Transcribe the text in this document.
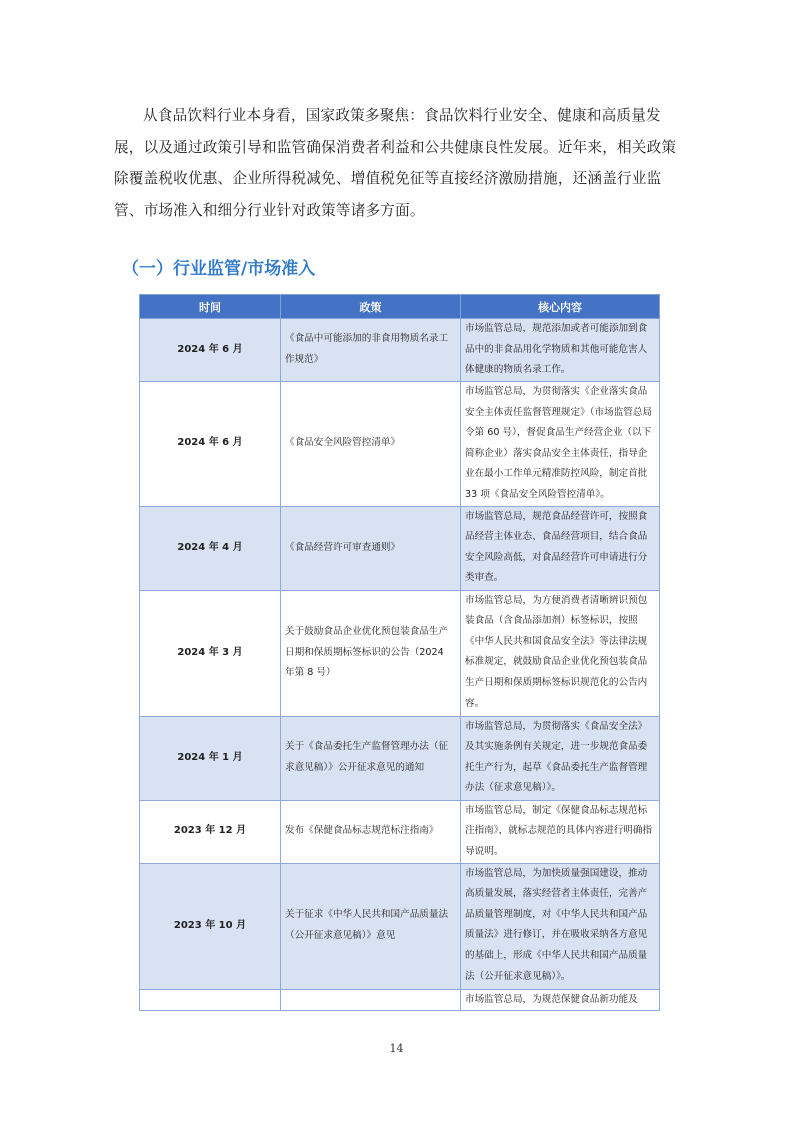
从食品饮料行业本身看，国家政策多聚焦：食品饮料行业安全、健康和高质量发展，以及通过政策引导和监管确保消费者利益和公共健康良性发展。近年来，相关政策除覆盖税收优惠、企业所得税减免、增值税免征等直接经济激励措施，还涵盖行业监管、市场准入和细分行业针对政策等诸多方面。

（一）行业监管/市场准入
时间	政策	核心内容
2024 年 6 月	《食品中可能添加的非食用物质名录工作规范》	市场监管总局，规范添加或者可能添加到食品中的非食品用化学物质和其他可能危害人体健康的物质名录工作。
2024 年 6 月	《食品安全风险管控清单》	市场监管总局，为贯彻落实《企业落实食品安全主体责任监督管理规定》（市场监管总局令第 60 号），督促食品生产经营企业（以下简称企业）落实食品安全主体责任，指导企业在最小工作单元精准防控风险，制定首批 33 项《食品安全风险管控清单》。
2024 年 4 月	《食品经营许可审查通则》	市场监管总局，规范食品经营许可，按照食品经营主体业态、食品经营项目，结合食品安全风险高低，对食品经营许可申请进行分类审查。
2024 年 3 月	关于鼓励食品企业优化预包装食品生产日期和保质期标签标识的公告（2024 年第 8 号）	市场监管总局，为方便消费者清晰辨识预包装食品（含食品添加剂）标签标识，按照《中华人民共和国食品安全法》等法律法规标准规定，就鼓励食品企业优化预包装食品生产日期和保质期标签标识规范化的公告内容。
2024 年 1 月	关于《食品委托生产监督管理办法（征求意见稿）》公开征求意见的通知	市场监管总局，为贯彻落实《食品安全法》及其实施条例有关规定，进一步规范食品委托生产行为，起草《食品委托生产监督管理办法（征求意见稿）》。
2023 年 12 月	发布《保健食品标志规范标注指南》	市场监管总局，制定《保健食品标志规范标注指南》，就标志规范的具体内容进行明确指导说明。
2023 年 10 月	关于征求《中华人民共和国产品质量法（公开征求意见稿）》意见	市场监管总局，为加快质量强国建设，推动高质量发展，落实经营者主体责任，完善产品质量管理制度，对《中华人民共和国产品质量法》进行修订，并在吸收采纳各方意见的基础上，形成《中华人民共和国产品质量法（公开征求意见稿）》。
		市场监管总局，为规范保健食品新功能及
14
